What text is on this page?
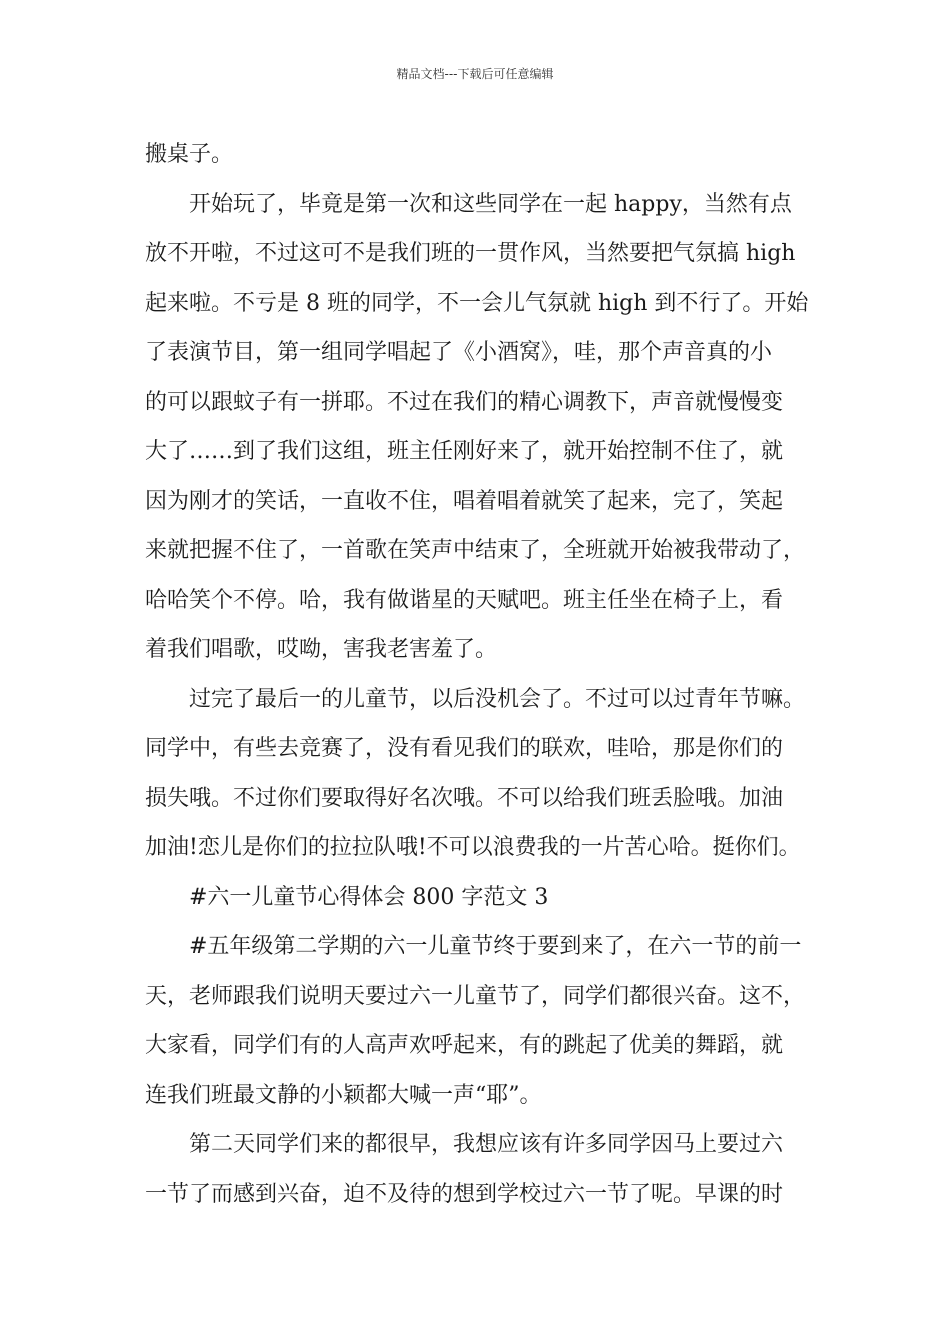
精品文档---下载后可任意编辑
搬桌子。
开始玩了，毕竟是第一次和这些同学在一起 happy，当然有点
放不开啦，不过这可不是我们班的一贯作风，当然要把气氛搞 high
起来啦。不亏是 8 班的同学，不一会儿气氛就 high 到不行了。开始
了表演节目，第一组同学唱起了《小酒窝》，哇，那个声音真的小
的可以跟蚊子有一拼耶。不过在我们的精心调教下，声音就慢慢变
大了……到了我们这组，班主任刚好来了，就开始控制不住了，就
因为刚才的笑话，一直收不住，唱着唱着就笑了起来，完了，笑起
来就把握不住了，一首歌在笑声中结束了，全班就开始被我带动了，
哈哈笑个不停。哈，我有做谐星的天赋吧。班主任坐在椅子上，看
着我们唱歌，哎呦，害我老害羞了。
过完了最后一的儿童节，以后没机会了。不过可以过青年节嘛。
同学中，有些去竞赛了，没有看见我们的联欢，哇哈，那是你们的
损失哦。不过你们要取得好名次哦。不可以给我们班丢脸哦。加油
加油!恋儿是你们的拉拉队哦!不可以浪费我的一片苦心哈。挺你们。
#六一儿童节心得体会 800 字范文 3
#五年级第二学期的六一儿童节终于要到来了，在六一节的前一
天，老师跟我们说明天要过六一儿童节了，同学们都很兴奋。这不，
大家看，同学们有的人高声欢呼起来，有的跳起了优美的舞蹈，就
连我们班最文静的小颖都大喊一声“耶”。
第二天同学们来的都很早，我想应该有许多同学因马上要过六
一节了而感到兴奋，迫不及待的想到学校过六一节了呢。早课的时
